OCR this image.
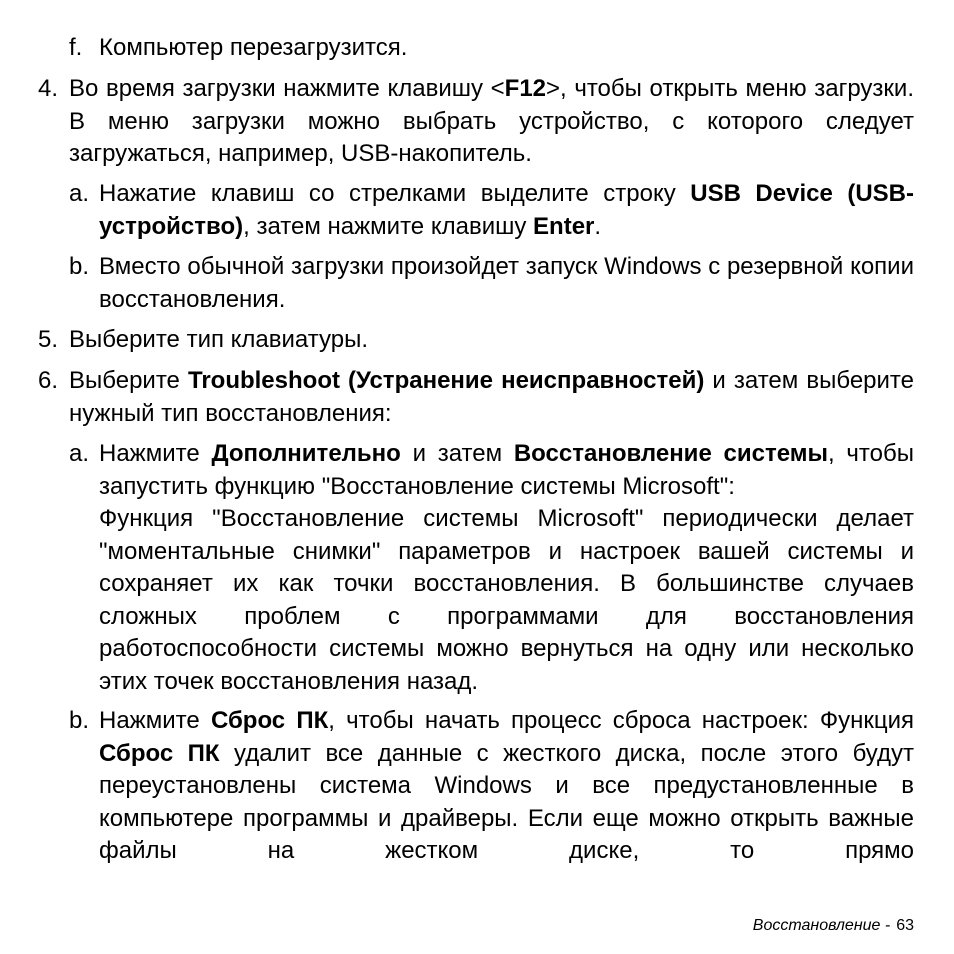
f. Компьютер перезагрузится.
4. Во время загрузки нажмите клавишу <F12>, чтобы открыть меню загрузки. В меню загрузки можно выбрать устройство, с которого следует загружаться, например, USB-накопитель.
a. Нажатие клавиш со стрелками выделите строку USB Device (USB-устройство), затем нажмите клавишу Enter.
b. Вместо обычной загрузки произойдет запуск Windows с резервной копии восстановления.
5. Выберите тип клавиатуры.
6. Выберите Troubleshoot (Устранение неисправностей) и затем выберите нужный тип восстановления:
a. Нажмите Дополнительно и затем Восстановление системы, чтобы запустить функцию "Восстановление системы Microsoft":
Функция "Восстановление системы Microsoft" периодически делает "моментальные снимки" параметров и настроек вашей системы и сохраняет их как точки восстановления. В большинстве случаев сложных проблем с программами для восстановления работоспособности системы можно вернуться на одну или несколько этих точек восстановления назад.
b. Нажмите Сброс ПК, чтобы начать процесс сброса настроек: Функция Сброс ПК удалит все данные с жесткого диска, после этого будут переустановлены система Windows и все предустановленные в компьютере программы и драйверы. Если еще можно открыть важные файлы на жестком диске, то прямо
Восстановление - 63
